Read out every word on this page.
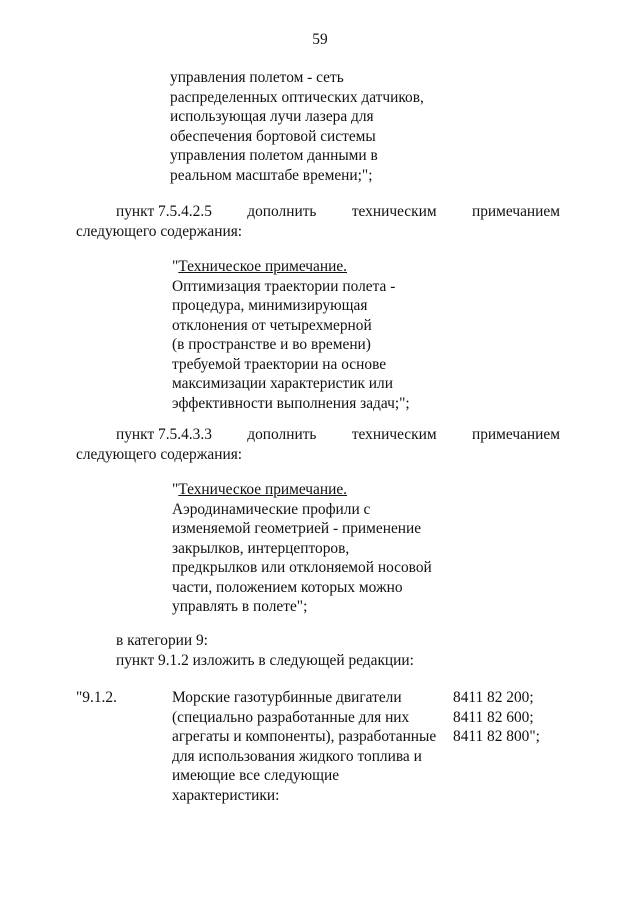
59
управления полетом - сеть
распределенных оптических датчиков,
использующая лучи лазера для
обеспечения бортовой системы
управления полетом данными в
реальном масштабе времени;";
пункт 7.5.4.2.5 дополнить техническим примечанием
следующего содержания:
"Техническое примечание.
Оптимизация траектории полета -
процедура, минимизирующая
отклонения от четырехмерной
(в пространстве и во времени)
требуемой траектории на основе
максимизации характеристик или
эффективности выполнения задач;";
пункт 7.5.4.3.3 дополнить техническим примечанием
следующего содержания:
"Техническое примечание.
Аэродинамические профили с
изменяемой геометрией - применение
закрылков, интерцепторов,
предкрылков или отклоняемой носовой
части, положением которых можно
управлять в полете";
в категории 9:
пункт 9.1.2 изложить в следующей редакции:
"9.1.2.	Морские газотурбинные двигатели
(специально разработанные для них
агрегаты и компоненты), разработанные
для использования жидкого топлива и
имеющие все следующие
характеристики:
8411 82 200;
8411 82 600;
8411 82 800";
